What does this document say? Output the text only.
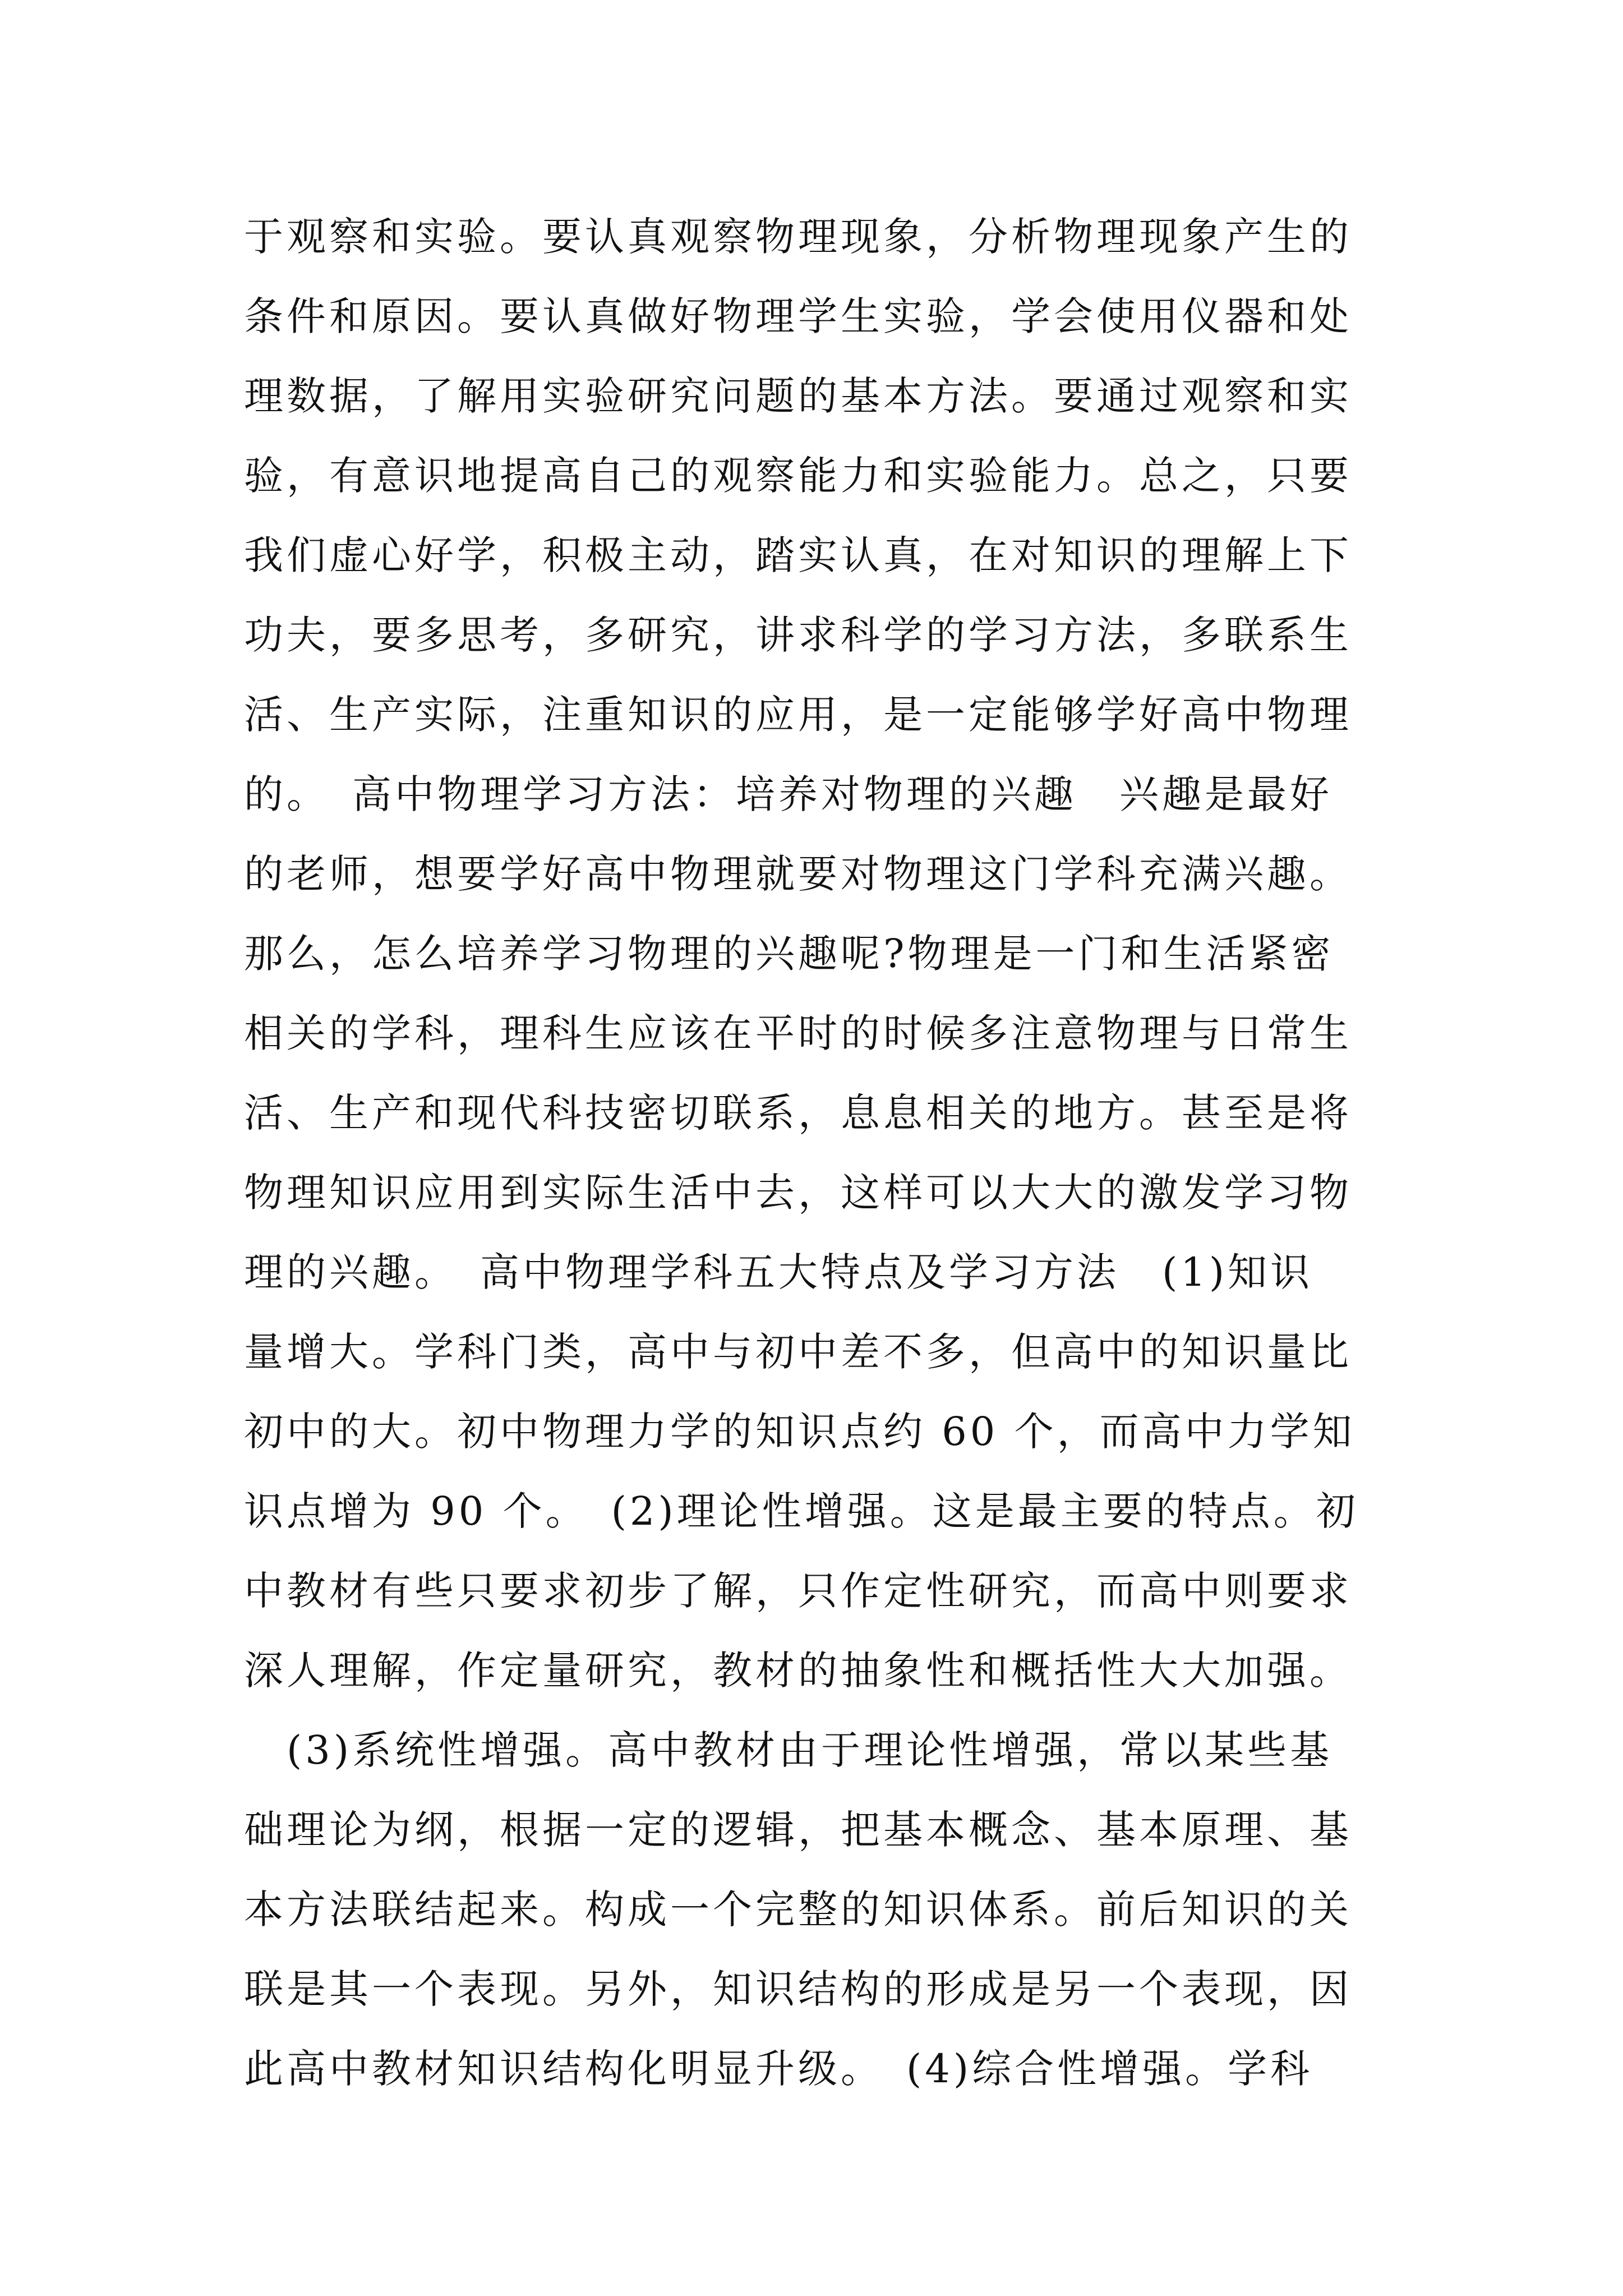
于观察和实验。要认真观察物理现象，分析物理现象产生的
条件和原因。要认真做好物理学生实验，学会使用仪器和处
理数据，了解用实验研究问题的基本方法。要通过观察和实
验，有意识地提高自己的观察能力和实验能力。总之，只要
我们虚心好学，积极主动，踏实认真，在对知识的理解上下
功夫，要多思考，多研究，讲求科学的学习方法，多联系生
活、生产实际，注重知识的应用，是一定能够学好高中物理
的。　高中物理学习方法：培养对物理的兴趣　兴趣是最好
的老师，想要学好高中物理就要对物理这门学科充满兴趣。
那么，怎么培养学习物理的兴趣呢?物理是一门和生活紧密
相关的学科，理科生应该在平时的时候多注意物理与日常生
活、生产和现代科技密切联系，息息相关的地方。甚至是将
物理知识应用到实际生活中去，这样可以大大的激发学习物
理的兴趣。　高中物理学科五大特点及学习方法　(1)知识
量增大。学科门类，高中与初中差不多，但高中的知识量比
初中的大。初中物理力学的知识点约 60 个，而高中力学知
识点增为 90 个。　(2)理论性增强。这是最主要的特点。初
中教材有些只要求初步了解，只作定性研究，而高中则要求
深人理解，作定量研究，教材的抽象性和概括性大大加强。
　(3)系统性增强。高中教材由于理论性增强，常以某些基
础理论为纲，根据一定的逻辑，把基本概念、基本原理、基
本方法联结起来。构成一个完整的知识体系。前后知识的关
联是其一个表现。另外，知识结构的形成是另一个表现，因
此高中教材知识结构化明显升级。　(4)综合性增强。学科
